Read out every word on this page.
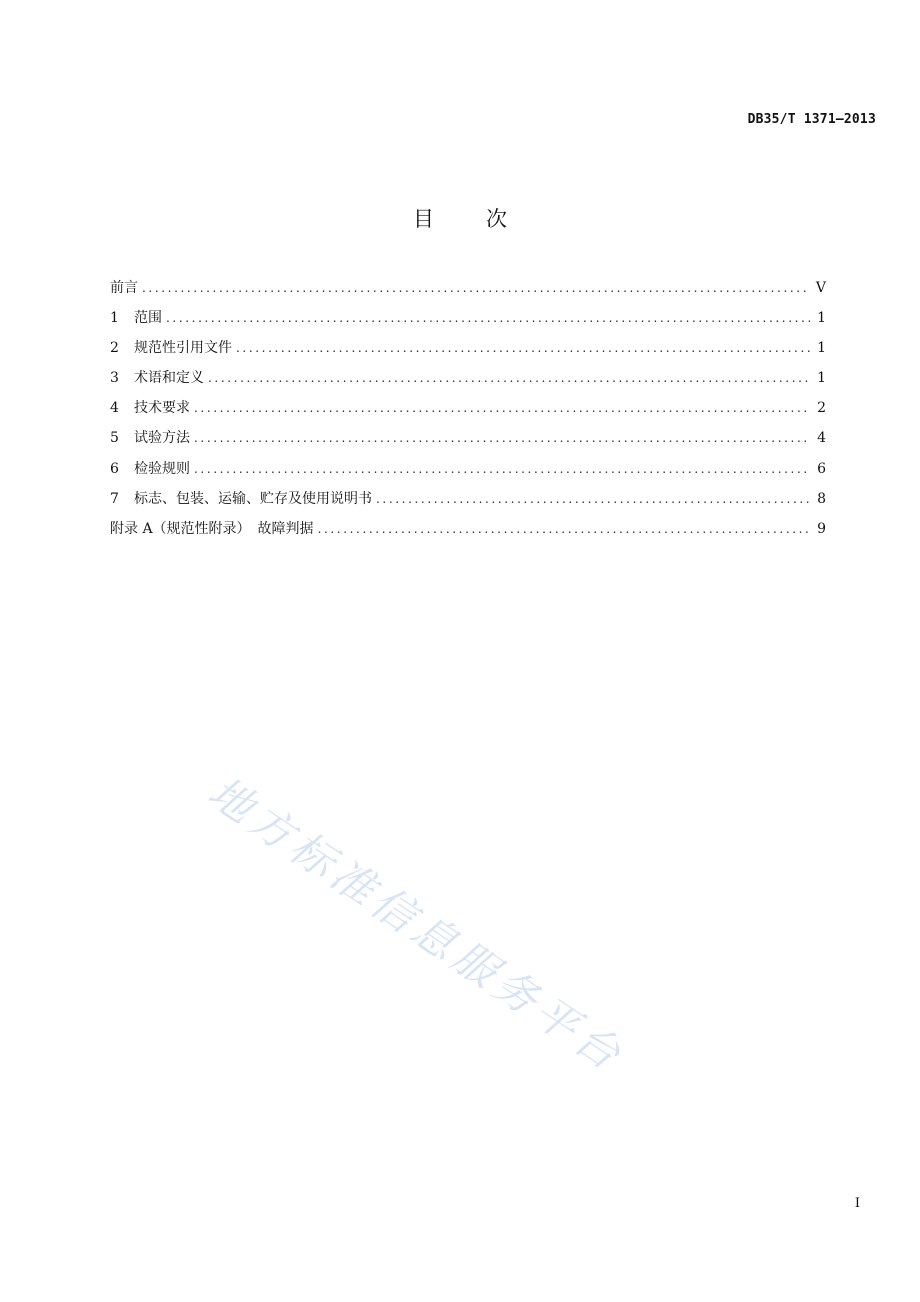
DB35/T 1371—2013
目次
前言 .....	V
1	范围 .....	1
2	规范性引用文件 .....	1
3	术语和定义 .....	1
4	技术要求 .....	2
5	试验方法 .....	4
6	检验规则 .....	6
7	标志、包装、运输、贮存及使用说明书 .....	8
附录 A（规范性附录）　故障判据 .....	9
地方标准信息服务平台
I
